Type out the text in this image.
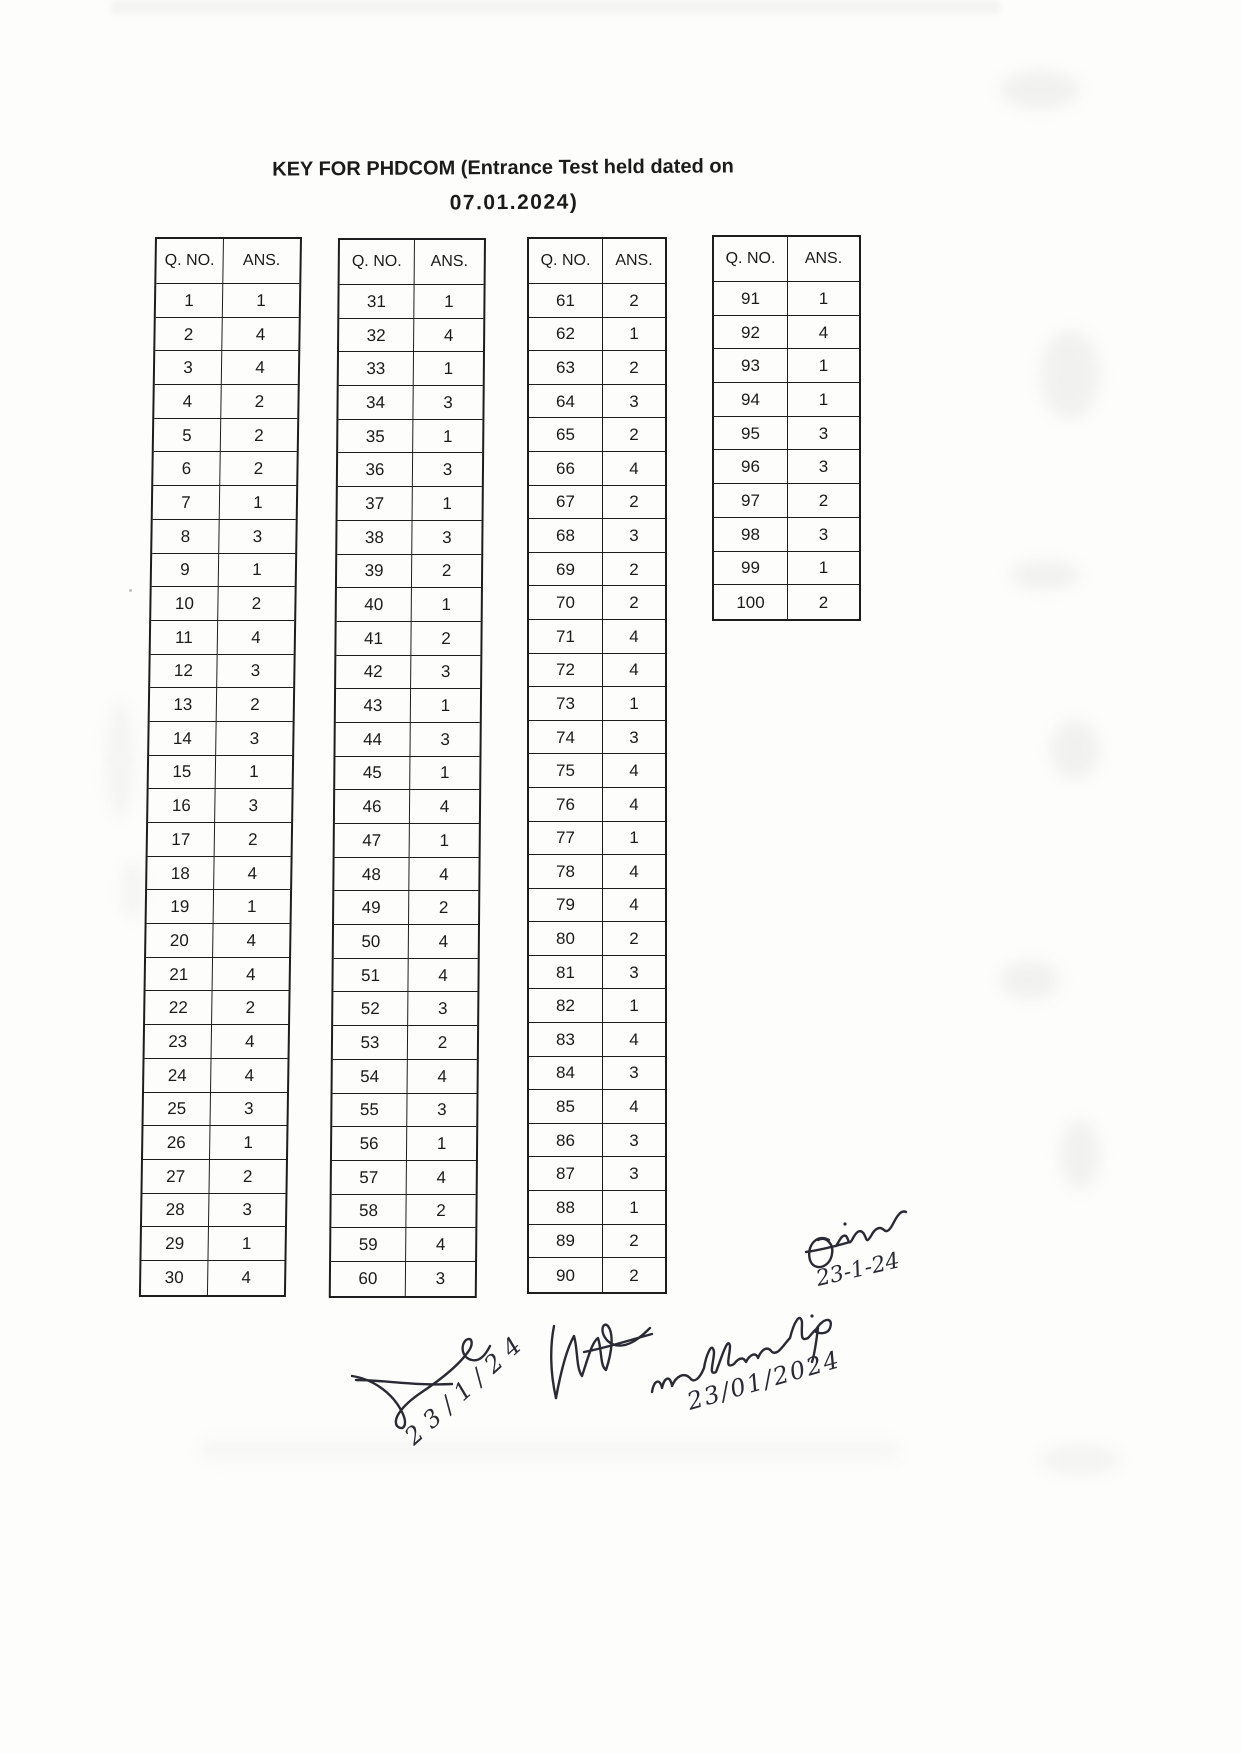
KEY FOR PHDCOM (Entrance Test held dated on
07.01.2024)
Q. NO.	ANS.
1	1
2	4
3	4
4	2
5	2
6	2
7	1
8	3
9	1
10	2
11	4
12	3
13	2
14	3
15	1
16	3
17	2
18	4
19	1
20	4
21	4
22	2
23	4
24	4
25	3
26	1
27	2
28	3
29	1
30	4
Q. NO.	ANS.
31	1
32	4
33	1
34	3
35	1
36	3
37	1
38	3
39	2
40	1
41	2
42	3
43	1
44	3
45	1
46	4
47	1
48	4
49	2
50	4
51	4
52	3
53	2
54	4
55	3
56	1
57	4
58	2
59	4
60	3
Q. NO.	ANS.
61	2
62	1
63	2
64	3
65	2
66	4
67	2
68	3
69	2
70	2
71	4
72	4
73	1
74	3
75	4
76	4
77	1
78	4
79	4
80	2
81	3
82	1
83	4
84	3
85	4
86	3
87	3
88	1
89	2
90	2
Q. NO.	ANS.
91	1
92	4
93	1
94	1
95	3
96	3
97	2
98	3
99	1
100	2
23-1-24
23/1/24	23/01/2024
